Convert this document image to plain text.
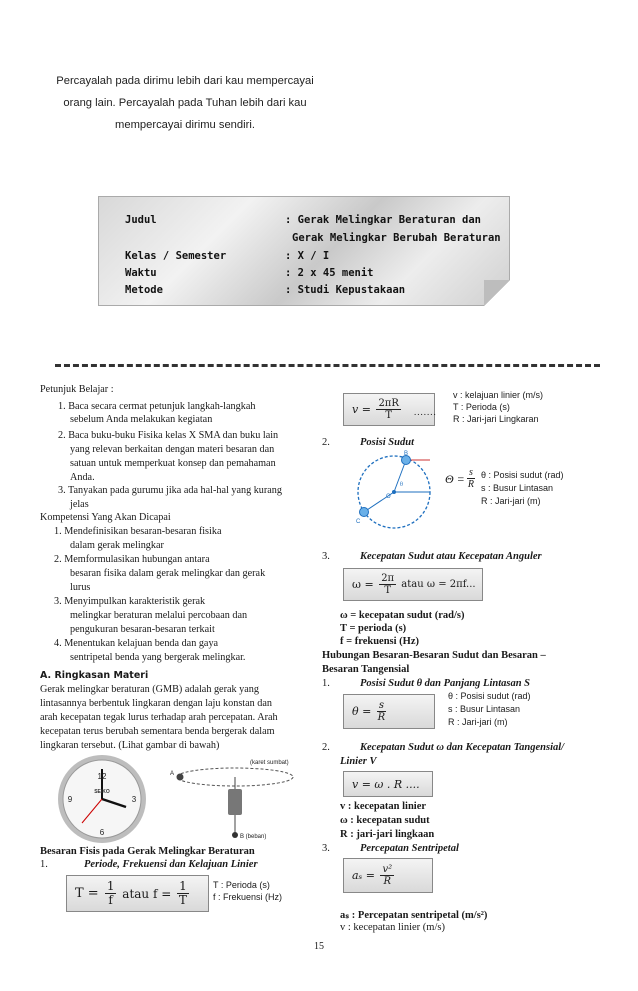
Percayalah pada dirimu lebih dari kau mempercayai
orang lain. Percayalah pada Tuhan lebih dari kau
mempercayai dirimu sendiri.
Judul	: Gerak Melingkar Beraturan dan
Gerak Melingkar Berubah Beraturan
Kelas / Semester	: X / I
Waktu	: 2 x 45 menit
Metode	: Studi Kepustakaan
Petunjuk Belajar :
1. Baca secara cermat petunjuk langkah-langkah
sebelum Anda melakukan kegiatan
2. Baca buku-buku Fisika kelas X SMA dan buku lain
yang relevan berkaitan dengan materi besaran dan
satuan untuk memperkuat konsep dan pemahaman
Anda.
3. Tanyakan pada gurumu jika ada hal-hal yang kurang
jelas
Kompetensi Yang Akan Dicapai
1. Mendefinisikan besaran-besaran fisika
dalam gerak melingkar
2. Memformulasikan hubungan antara
besaran fisika dalam gerak melingkar dan gerak
lurus
3. Menyimpulkan karakteristik gerak
melingkar beraturan melalui percobaan dan
pengukuran besaran-besaran terkait
4. Menentukan kelajuan benda dan gaya
sentripetal benda yang bergerak melingkar.
A. Ringkasan Materi
Gerak melingkar beraturan (GMB) adalah gerak yang
lintasannya berbentuk lingkaran dengan laju konstan dan
arah kecepatan tegak lurus terhadap arah percepatan. Arah
kecepatan terus berubah sementara benda bergerak dalam
lingkaran tersebut. (Lihat gambar di bawah)
12
3
6
9
SEIKO
(karet sumbat)
B (beban)
A
Besaran Fisis pada Gerak Melingkar Beraturan
1.	Periode, Frekuensi dan Kelajuan Linier
$T = \frac{1}{f}$ atau $f = \frac{1}{T}$	T : Perioda (s)
f : Frekuensi (Hz)
$v = \frac{2\pi R}{T}$ .......
v : kelajuan linier (m/s)
T : Perioda (s)
R : Jari-jari Lingkaran
2.	Posisi Sudut
B
O
C
θ	$\Theta = \frac{s}{R}$ θ : Posisi sudut (rad)
s : Busur Lintasan
R : Jari-jari (m)
3.	Kecepatan Sudut atau Kecepatan Anguler
$\omega = \frac{2\pi}{T}$ atau ω = 2πf...
ω = kecepatan sudut (rad/s)
T = perioda (s)
f = frekuensi (Hz)
Hubungan Besaran-Besaran Sudut dan Besaran –
Besaran Tangensial
1.	Posisi Sudut θ dan Panjang Lintasan S
$\theta = \frac{s}{R}$
θ : Posisi sudut (rad)
s : Busur Lintasan
R : Jari-jari (m)
2.	Kecepatan Sudut ω dan Kecepatan Tangensial/
Linier V
v = ω . R ....
v : kecepatan linier
ω : kecepatan sudut
R : jari-jari lingkaan
3.	Percepatan Sentripetal
$a_s = \frac{\text{v²}}{R}$
aₛ : Percepatan sentripetal (m/s²)
v : kecepatan linier (m/s)
15
